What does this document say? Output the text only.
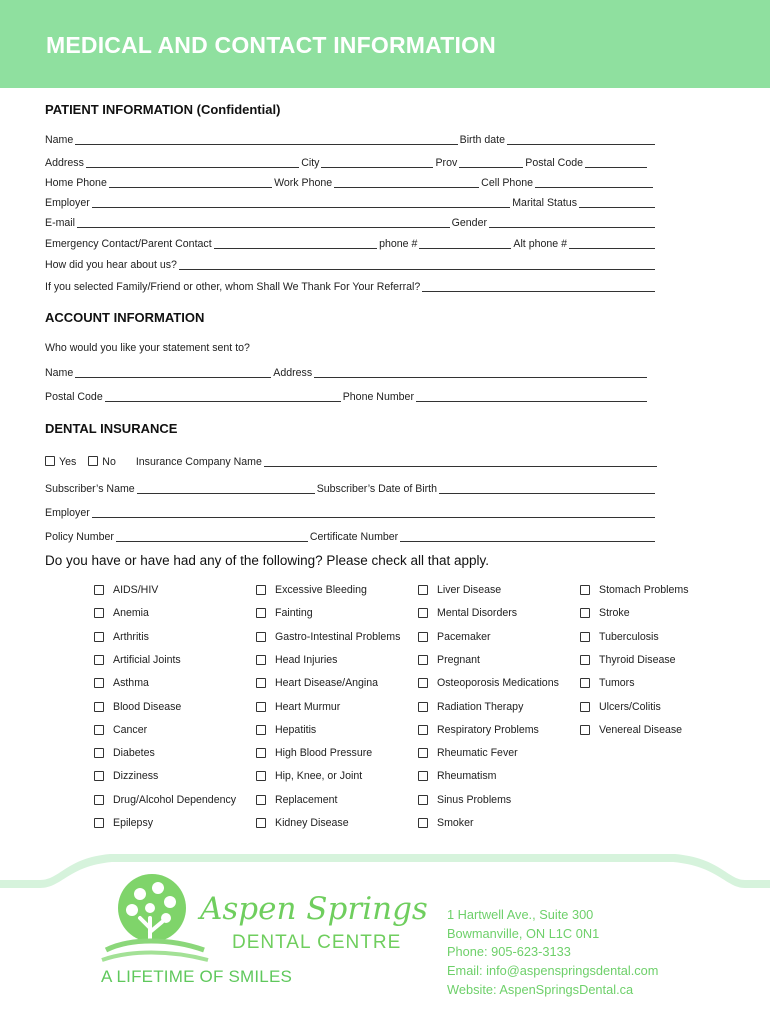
MEDICAL AND CONTACT INFORMATION
PATIENT INFORMATION (Confidential)
Name	Birth date
Address	City	Prov	Postal Code
Home Phone	Work Phone	Cell Phone
Employer	Marital Status
E-mail	Gender
Emergency Contact/Parent Contact	phone #	Alt phone #
How did you hear about us?
If you selected Family/Friend or other, whom Shall We Thank For Your Referral?
ACCOUNT INFORMATION
Who would you like your statement sent to?
Name	Address
Postal Code	Phone Number
DENTAL INSURANCE
Yes No Insurance Company Name
Subscriber’s Name	Subscriber’s Date of Birth
Employer
Policy Number	Certificate Number
Do you have or have had any of the following? Please check all that apply.
AIDS/HIV
Anemia
Arthritis
Artificial Joints
Asthma
Blood Disease
Cancer
Diabetes
Dizziness
Drug/Alcohol Dependency
Epilepsy
Excessive Bleeding
Fainting
Gastro-Intestinal Problems
Head Injuries
Heart Disease/Angina
Heart Murmur
Hepatitis
High Blood Pressure
Hip, Knee, or Joint
Replacement
Kidney Disease
Liver Disease
Mental Disorders
Pacemaker
Pregnant
Osteoporosis Medications
Radiation Therapy
Respiratory Problems
Rheumatic Fever
Rheumatism
Sinus Problems
Smoker
Stomach Problems
Stroke
Tuberculosis
Thyroid Disease
Tumors
Ulcers/Colitis
Venereal Disease
Aspen Springs
DENTAL CENTRE
A LIFETIME OF SMILES
1 Hartwell Ave., Suite 300
Bowmanville, ON L1C 0N1
Phone: 905-623-3133
Email: info@aspenspringsdental.com
Website: AspenSpringsDental.ca
